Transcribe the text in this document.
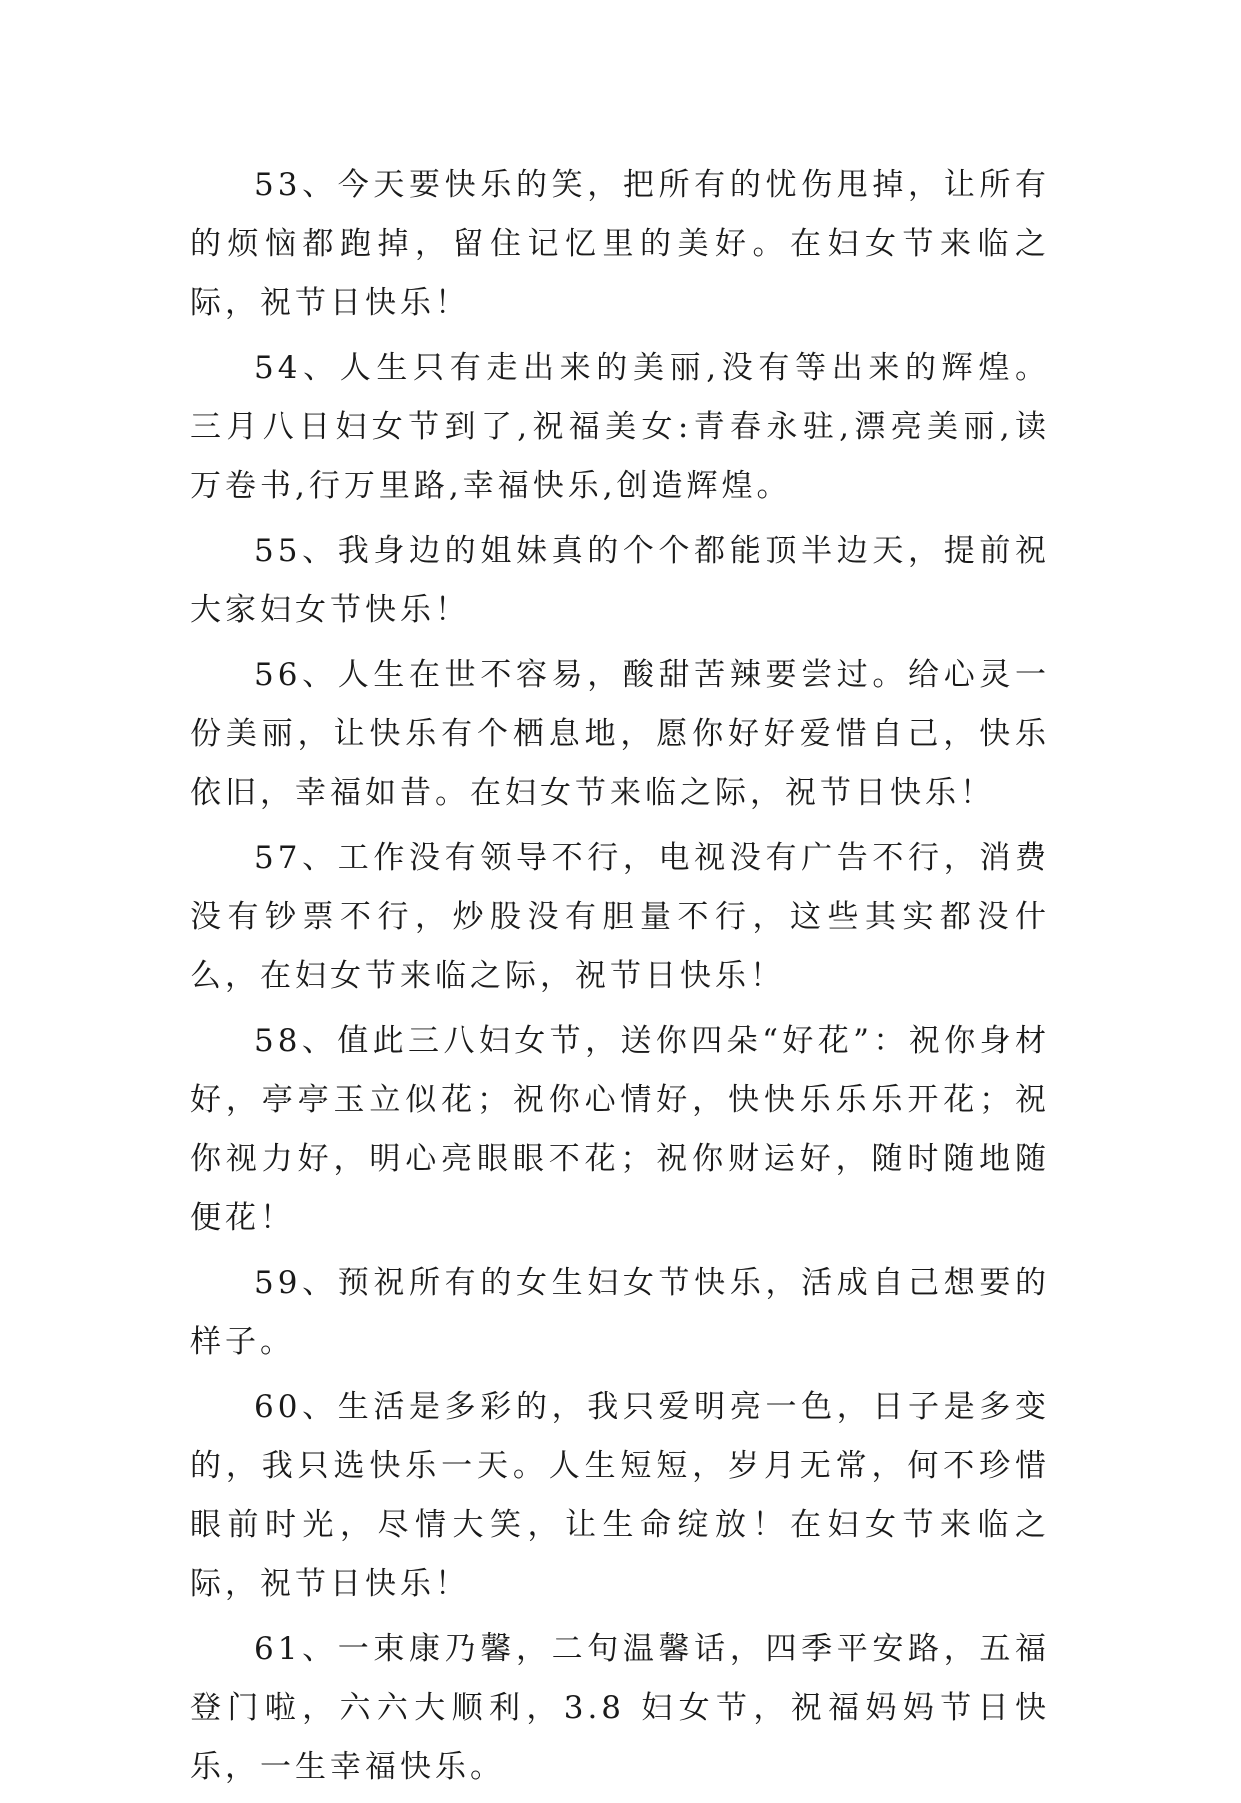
53、今天要快乐的笑，把所有的忧伤甩掉，让所有的烦恼都跑掉，留住记忆里的美好。在妇女节来临之际，祝节日快乐！

54、人生只有走出来的美丽,没有等出来的辉煌。三月八日妇女节到了,祝福美女:青春永驻,漂亮美丽,读万卷书,行万里路,幸福快乐,创造辉煌。

55、我身边的姐妹真的个个都能顶半边天，提前祝大家妇女节快乐！

56、人生在世不容易，酸甜苦辣要尝过。给心灵一份美丽，让快乐有个栖息地，愿你好好爱惜自己，快乐依旧，幸福如昔。在妇女节来临之际，祝节日快乐！

57、工作没有领导不行，电视没有广告不行，消费没有钞票不行，炒股没有胆量不行，这些其实都没什么，在妇女节来临之际，祝节日快乐！

58、值此三八妇女节，送你四朵“好花”：祝你身材好，亭亭玉立似花；祝你心情好，快快乐乐乐开花；祝你视力好，明心亮眼眼不花；祝你财运好，随时随地随便花！

59、预祝所有的女生妇女节快乐，活成自己想要的样子。

60、生活是多彩的，我只爱明亮一色，日子是多变的，我只选快乐一天。人生短短，岁月无常，何不珍惜眼前时光，尽情大笑，让生命绽放！在妇女节来临之际，祝节日快乐！

61、一束康乃馨，二句温馨话，四季平安路，五福登门啦，六六大顺利，3.8 妇女节，祝福妈妈节日快乐，一生幸福快乐。
